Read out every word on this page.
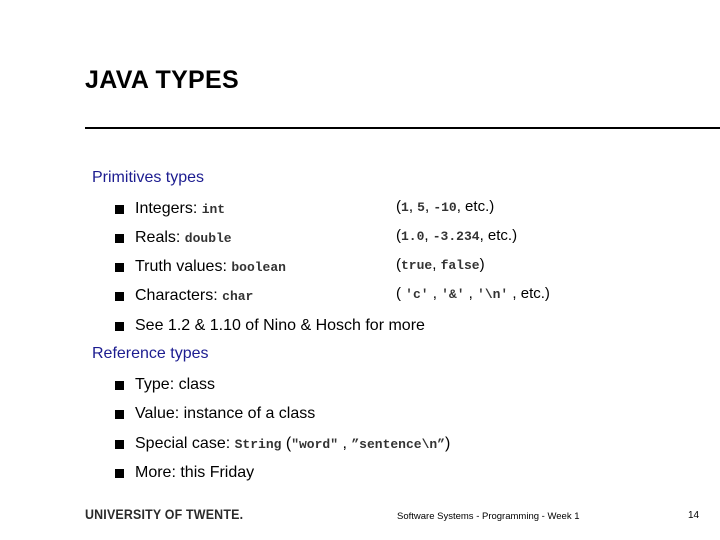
JAVA TYPES
Primitives types
Integers: int	(1, 5, -10, etc.)
Reals: double	(1.0, -3.234, etc.)
Truth values: boolean	(true, false)
Characters: char	( 'c' , '&' , '\n' , etc.)
See 1.2 & 1.10 of Nino & Hosch for more
Reference types
Type: class
Value: instance of a class
Special case: String ("word" , ”sentence\n”)
More: this Friday
UNIVERSITY OF TWENTE.	Software Systems - Programming - Week 1	14
